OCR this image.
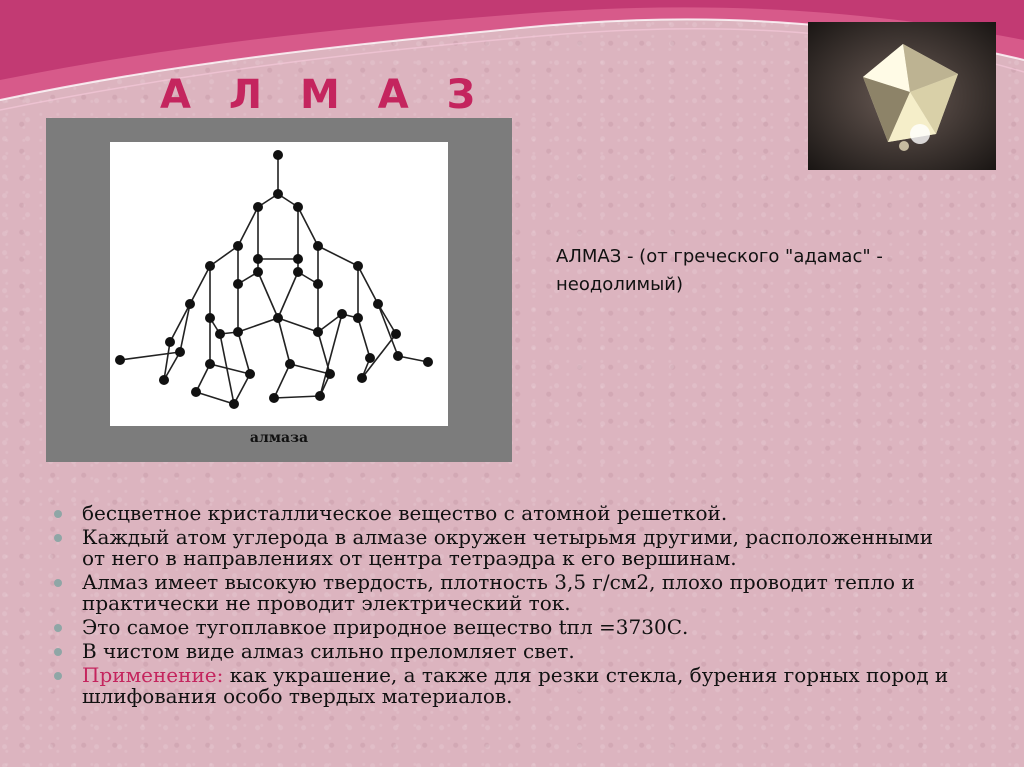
А Л М А З
алмаза

АЛМАЗ - (от греческого "адамас" - неодолимый)

бесцветное кристаллическое вещество с атомной решеткой.
Каждый атом углерода в алмазе окружен четырьмя другими, расположенными от него в направлениях от центра тетраэдра к его вершинам.
Алмаз имеет высокую твердость, плотность 3,5 г/см2, плохо проводит тепло и практически не проводит электрический ток.
Это самое тугоплавкое природное вещество tпл =3730С.
В чистом виде алмаз сильно преломляет свет.
Применение: как украшение, а также для резки стекла, бурения горных пород и шлифования особо твердых материалов.
